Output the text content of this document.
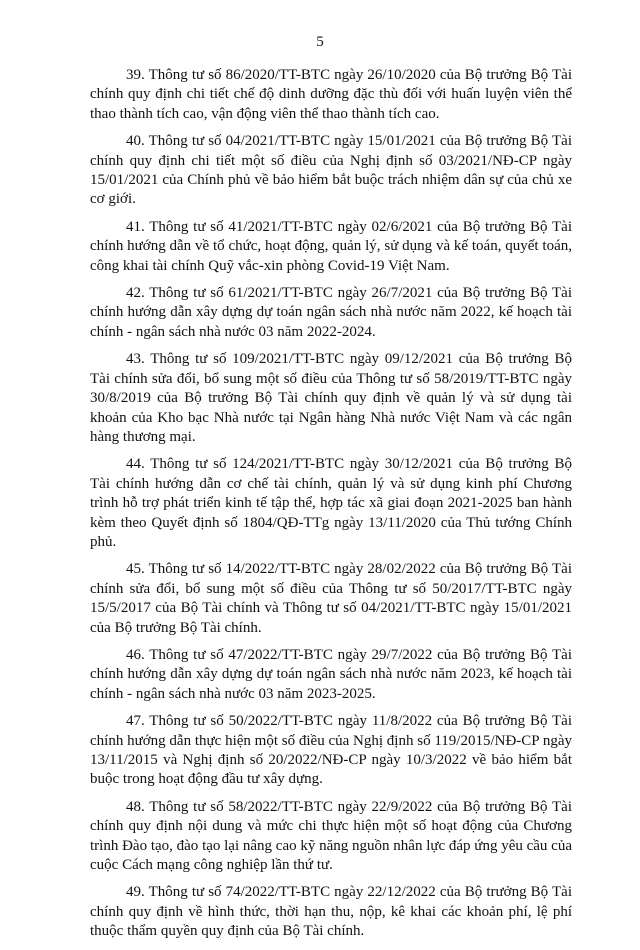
5

39. Thông tư số 86/2020/TT-BTC ngày 26/10/2020 của Bộ trưởng Bộ Tài chính quy định chi tiết chế độ dinh dưỡng đặc thù đối với huấn luyện viên thể thao thành tích cao, vận động viên thể thao thành tích cao.

40. Thông tư số 04/2021/TT-BTC ngày 15/01/2021 của Bộ trưởng Bộ Tài chính quy định chi tiết một số điều của Nghị định số 03/2021/NĐ-CP ngày 15/01/2021 của Chính phủ về bảo hiểm bắt buộc trách nhiệm dân sự của chủ xe cơ giới.

41. Thông tư số 41/2021/TT-BTC ngày 02/6/2021 của Bộ trưởng Bộ Tài chính hướng dẫn về tổ chức, hoạt động, quản lý, sử dụng và kế toán, quyết toán, công khai tài chính Quỹ vắc-xin phòng Covid-19 Việt Nam.

42. Thông tư số 61/2021/TT-BTC ngày 26/7/2021 của Bộ trưởng Bộ Tài chính hướng dẫn xây dựng dự toán ngân sách nhà nước năm 2022, kế hoạch tài chính - ngân sách nhà nước 03 năm 2022-2024.

43. Thông tư số 109/2021/TT-BTC ngày 09/12/2021 của Bộ trưởng Bộ Tài chính sửa đổi, bổ sung một số điều của Thông tư số 58/2019/TT-BTC ngày 30/8/2019 của Bộ trưởng Bộ Tài chính quy định về quản lý và sử dụng tài khoản của Kho bạc Nhà nước tại Ngân hàng Nhà nước Việt Nam và các ngân hàng thương mại.

44. Thông tư số 124/2021/TT-BTC ngày 30/12/2021 của Bộ trưởng Bộ Tài chính hướng dẫn cơ chế tài chính, quản lý và sử dụng kinh phí Chương trình hỗ trợ phát triển kinh tế tập thể, hợp tác xã giai đoạn 2021-2025 ban hành kèm theo Quyết định số 1804/QĐ-TTg ngày 13/11/2020 của Thủ tướng Chính phủ.

45. Thông tư số 14/2022/TT-BTC ngày 28/02/2022 của Bộ trưởng Bộ Tài chính sửa đổi, bổ sung một số điều của Thông tư số 50/2017/TT-BTC ngày 15/5/2017 của Bộ Tài chính và Thông tư số 04/2021/TT-BTC ngày 15/01/2021 của Bộ trưởng Bộ Tài chính.

46. Thông tư số 47/2022/TT-BTC ngày 29/7/2022 của Bộ trưởng Bộ Tài chính hướng dẫn xây dựng dự toán ngân sách nhà nước năm 2023, kế hoạch tài chính - ngân sách nhà nước 03 năm 2023-2025.

47. Thông tư số 50/2022/TT-BTC ngày 11/8/2022 của Bộ trưởng Bộ Tài chính hướng dẫn thực hiện một số điều của Nghị định số 119/2015/NĐ-CP ngày 13/11/2015 và Nghị định số 20/2022/NĐ-CP ngày 10/3/2022 về bảo hiểm bắt buộc trong hoạt động đầu tư xây dựng.

48. Thông tư số 58/2022/TT-BTC ngày 22/9/2022 của Bộ trưởng Bộ Tài chính quy định nội dung và mức chi thực hiện một số hoạt động của Chương trình Đào tạo, đào tạo lại nâng cao kỹ năng nguồn nhân lực đáp ứng yêu cầu của cuộc Cách mạng công nghiệp lần thứ tư.

49. Thông tư số 74/2022/TT-BTC ngày 22/12/2022 của Bộ trưởng Bộ Tài chính quy định về hình thức, thời hạn thu, nộp, kê khai các khoản phí, lệ phí thuộc thẩm quyền quy định của Bộ Tài chính.
